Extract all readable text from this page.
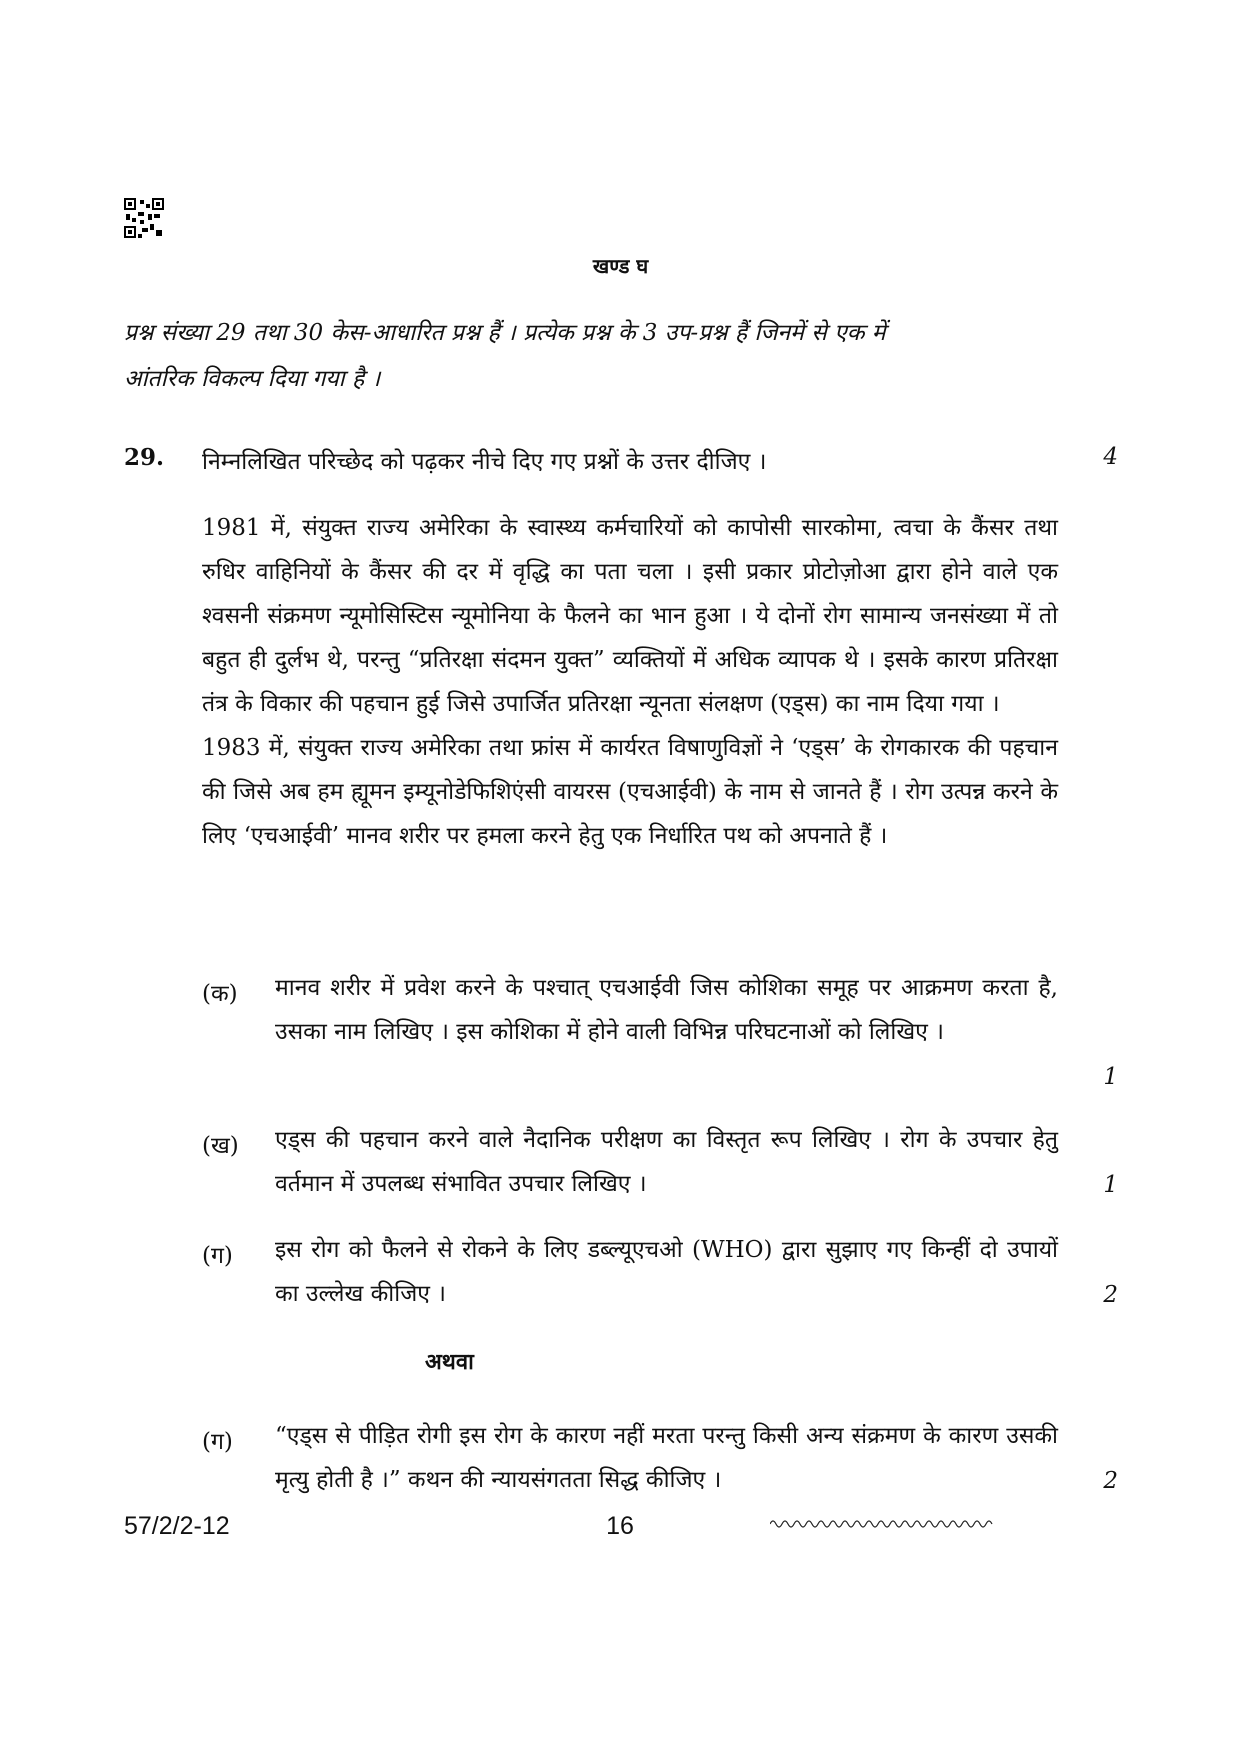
खण्ड घ
प्रश्न संख्या 29 तथा 30 केस-आधारित प्रश्न हैं । प्रत्येक प्रश्न के 3 उप-प्रश्न हैं जिनमें से एक में
आंतरिक विकल्प दिया गया है ।
29. निम्नलिखित परिच्छेद को पढ़कर नीचे दिए गए प्रश्नों के उत्तर दीजिए ।	4

1981 में, संयुक्त राज्य अमेरिका के स्वास्थ्य कर्मचारियों को कापोसी सारकोमा, त्वचा के कैंसर तथा रुधिर वाहिनियों के कैंसर की दर में वृद्धि का पता चला । इसी प्रकार प्रोटोज़ोआ द्वारा होने वाले एक श्वसनी संक्रमण न्यूमोसिस्टिस न्यूमोनिया के फैलने का भान हुआ । ये दोनों रोग सामान्य जनसंख्या में तो बहुत ही दुर्लभ थे, परन्तु “प्रतिरक्षा संदमन युक्त” व्यक्तियों में अधिक व्यापक थे । इसके कारण प्रतिरक्षा तंत्र के विकार की पहचान हुई जिसे उपार्जित प्रतिरक्षा न्यूनता संलक्षण (एड्स) का नाम दिया गया ।

1983 में, संयुक्त राज्य अमेरिका तथा फ्रांस में कार्यरत विषाणुविज्ञों ने ‘एड्स’ के रोगकारक की पहचान की जिसे अब हम ह्यूमन इम्यूनोडेफिशिएंसी वायरस (एचआईवी) के नाम से जानते हैं । रोग उत्पन्न करने के लिए ‘एचआईवी’ मानव शरीर पर हमला करने हेतु एक निर्धारित पथ को अपनाते हैं ।

(क) मानव शरीर में प्रवेश करने के पश्चात् एचआईवी जिस कोशिका समूह पर आक्रमण करता है, उसका नाम लिखिए । इस कोशिका में होने वाली विभिन्न परिघटनाओं को लिखिए ।
1
(ख) एड्स की पहचान करने वाले नैदानिक परीक्षण का विस्तृत रूप लिखिए । रोग के उपचार हेतु वर्तमान में उपलब्ध संभावित उपचार लिखिए ।	1
(ग) इस रोग को फैलने से रोकने के लिए डब्ल्यूएचओ (WHO) द्वारा सुझाए गए किन्हीं दो उपायों का उल्लेख कीजिए ।	2
अथवा
(ग) “एड्स से पीड़ित रोगी इस रोग के कारण नहीं मरता परन्तु किसी अन्य संक्रमण के कारण उसकी मृत्यु होती है ।” कथन की न्यायसंगतता सिद्ध कीजिए ।	2
57/2/2-12	16
